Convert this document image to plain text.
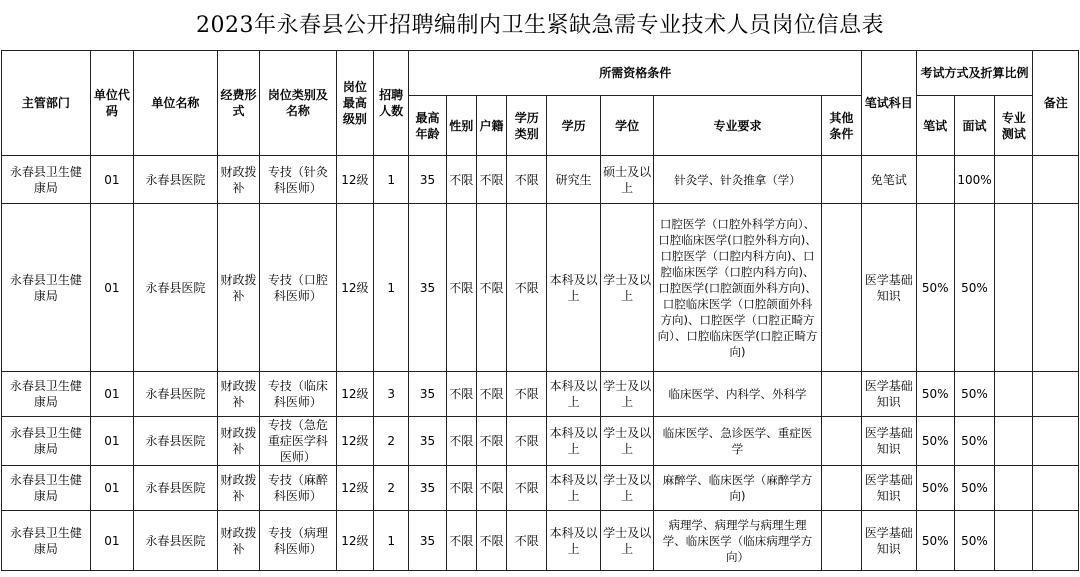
2023年永春县公开招聘编制内卫生紧缺急需专业技术人员岗位信息表
主管部门	单位代码	单位名称	经费形式	岗位类别及名称	岗位最高级别	招聘人数	所需资格条件								笔试科目	考试方式及折算比例			备注
							最高年龄	性别	户籍	学历类别	学历	学位	专业要求	其他条件		笔试	面试	专业测试	
永春县卫生健康局	01	永春县医院	财政拨补	专技（针灸科医师）	12级	1	35	不限	不限	不限	研究生	硕士及以上	针灸学、针灸推拿（学）		免笔试		100%		
永春县卫生健康局	01	永春县医院	财政拨补	专技（口腔科医师）	12级	1	35	不限	不限	不限	本科及以上	学士及以上	口腔医学（口腔外科学方向）、口腔临床医学(口腔外科方向)、口腔医学（口腔内科方向)、口腔临床医学（口腔内科方向)、口腔医学(口腔颌面外科方向)、口腔临床医学（口腔颌面外科方向)、口腔医学（口腔正畸方向）、口腔临床医学(口腔正畸方向)		医学基础知识	50%	50%		
永春县卫生健康局	01	永春县医院	财政拨补	专技（临床科医师）	12级	3	35	不限	不限	不限	本科及以上	学士及以上	临床医学、内科学、外科学		医学基础知识	50%	50%		
永春县卫生健康局	01	永春县医院	财政拨补	专技（急危重症医学科医师）	12级	2	35	不限	不限	不限	本科及以上	学士及以上	临床医学、急诊医学、重症医学		医学基础知识	50%	50%		
永春县卫生健康局	01	永春县医院	财政拨补	专技（麻醉科医师）	12级	2	35	不限	不限	不限	本科及以上	学士及以上	麻醉学、临床医学（麻醉学方向)		医学基础知识	50%	50%		
永春县卫生健康局	01	永春县医院	财政拨补	专技（病理科医师）	12级	1	35	不限	不限	不限	本科及以上	学士及以上	病理学、病理学与病理生理学、临床医学（临床病理学方向）		医学基础知识	50%	50%		
